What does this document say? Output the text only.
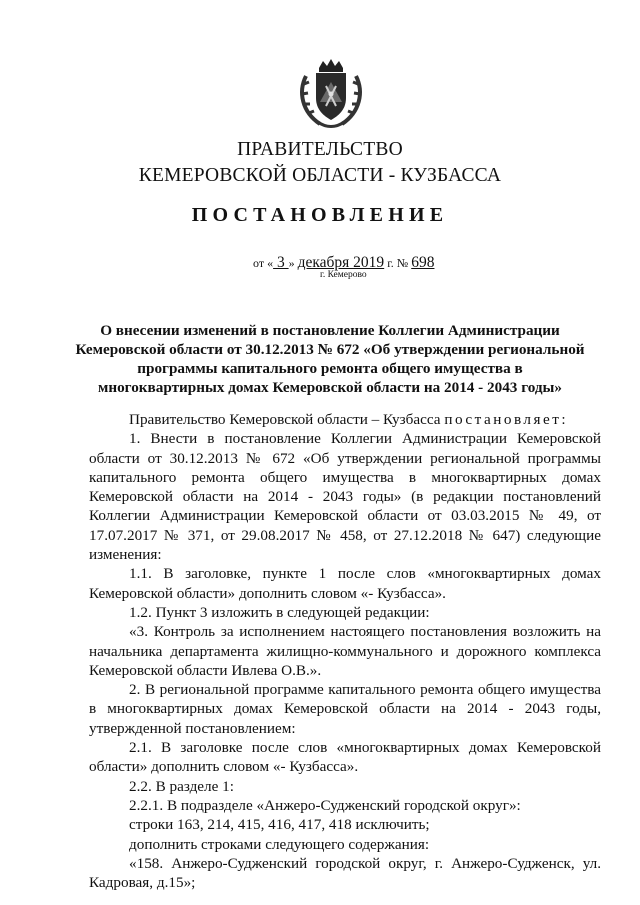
ПРАВИТЕЛЬСТВО
КЕМЕРОВСКОЙ ОБЛАСТИ - КУЗБАССА
ПОСТАНОВЛЕНИЕ
от « 3 » декабря 2019 г. № 698
г. Кемерово
О внесении изменений в постановление Коллегии Администрации
Кемеровской области от 30.12.2013 № 672 «Об утверждении региональной
программы капитального ремонта общего имущества в
многоквартирных домах Кемеровской области на 2014 - 2043 годы»
Правительство Кемеровской области – Кузбасса постановляет:
1. Внести в постановление Коллегии Администрации Кемеровской области от 30.12.2013 № 672 «Об утверждении региональной программы капитального ремонта общего имущества в многоквартирных домах Кемеровской области на 2014 - 2043 годы» (в редакции постановлений Коллегии Администрации Кемеровской области от 03.03.2015 № 49, от 17.07.2017 № 371, от 29.08.2017 № 458, от 27.12.2018 № 647) следующие изменения:
1.1. В заголовке, пункте 1 после слов «многоквартирных домах Кемеровской области» дополнить словом «- Кузбасса».
1.2. Пункт 3 изложить в следующей редакции:
«3. Контроль за исполнением настоящего постановления возложить на начальника департамента жилищно-коммунального и дорожного комплекса Кемеровской области Ивлева О.В.».
2. В региональной программе капитального ремонта общего имущества в многоквартирных домах Кемеровской области на 2014 - 2043 годы, утвержденной постановлением:
2.1. В заголовке после слов «многоквартирных домах Кемеровской области» дополнить словом «- Кузбасса».
2.2. В разделе 1:
2.2.1. В подразделе «Анжеро-Судженский городской округ»:
строки 163, 214, 415, 416, 417, 418 исключить;
дополнить строками следующего содержания:
«158. Анжеро-Судженский городской округ, г. Анжеро-Судженск, ул. Кадровая, д.15»;
